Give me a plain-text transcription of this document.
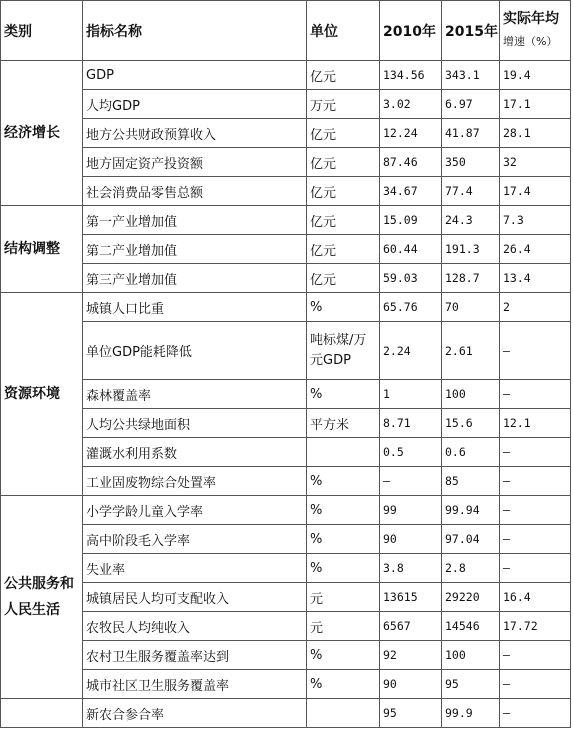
类别	指标名称	单位	2010年	2015年	实际年均
增速（%）
经济增长	GDP	亿元	134.56	343.1	19.4
	人均GDP	万元	3.02	6.97	17.1
	地方公共财政预算收入	亿元	12.24	41.87	28.1
	地方固定资产投资额	亿元	87.46	350	32
	社会消费品零售总额	亿元	34.67	77.4	17.4
结构调整	第一产业增加值	亿元	15.09	24.3	7.3
	第二产业增加值	亿元	60.44	191.3	26.4
	第三产业增加值	亿元	59.03	128.7	13.4
资源环境	城镇人口比重	%	65.76	70	2
	单位GDP能耗降低	吨标煤/万元GDP	2.24	2.61	–
	森林覆盖率	%	1	100	–
	人均公共绿地面积	平方米	8.71	15.6	12.1
	灌溉水利用系数		0.5	0.6	–
	工业固废物综合处置率	%	–	85	–
公共服务和人民生活	小学学龄儿童入学率	%	99	99.94	–
	高中阶段毛入学率	%	90	97.04	–
	失业率	%	3.8	2.8	–
	城镇居民人均可支配收入	元	13615	29220	16.4
	农牧民人均纯收入	元	6567	14546	17.72
	农村卫生服务覆盖率达到	%	92	100	–
	城市社区卫生服务覆盖率	%	90	95	–
	新农合参合率		95	99.9	–
